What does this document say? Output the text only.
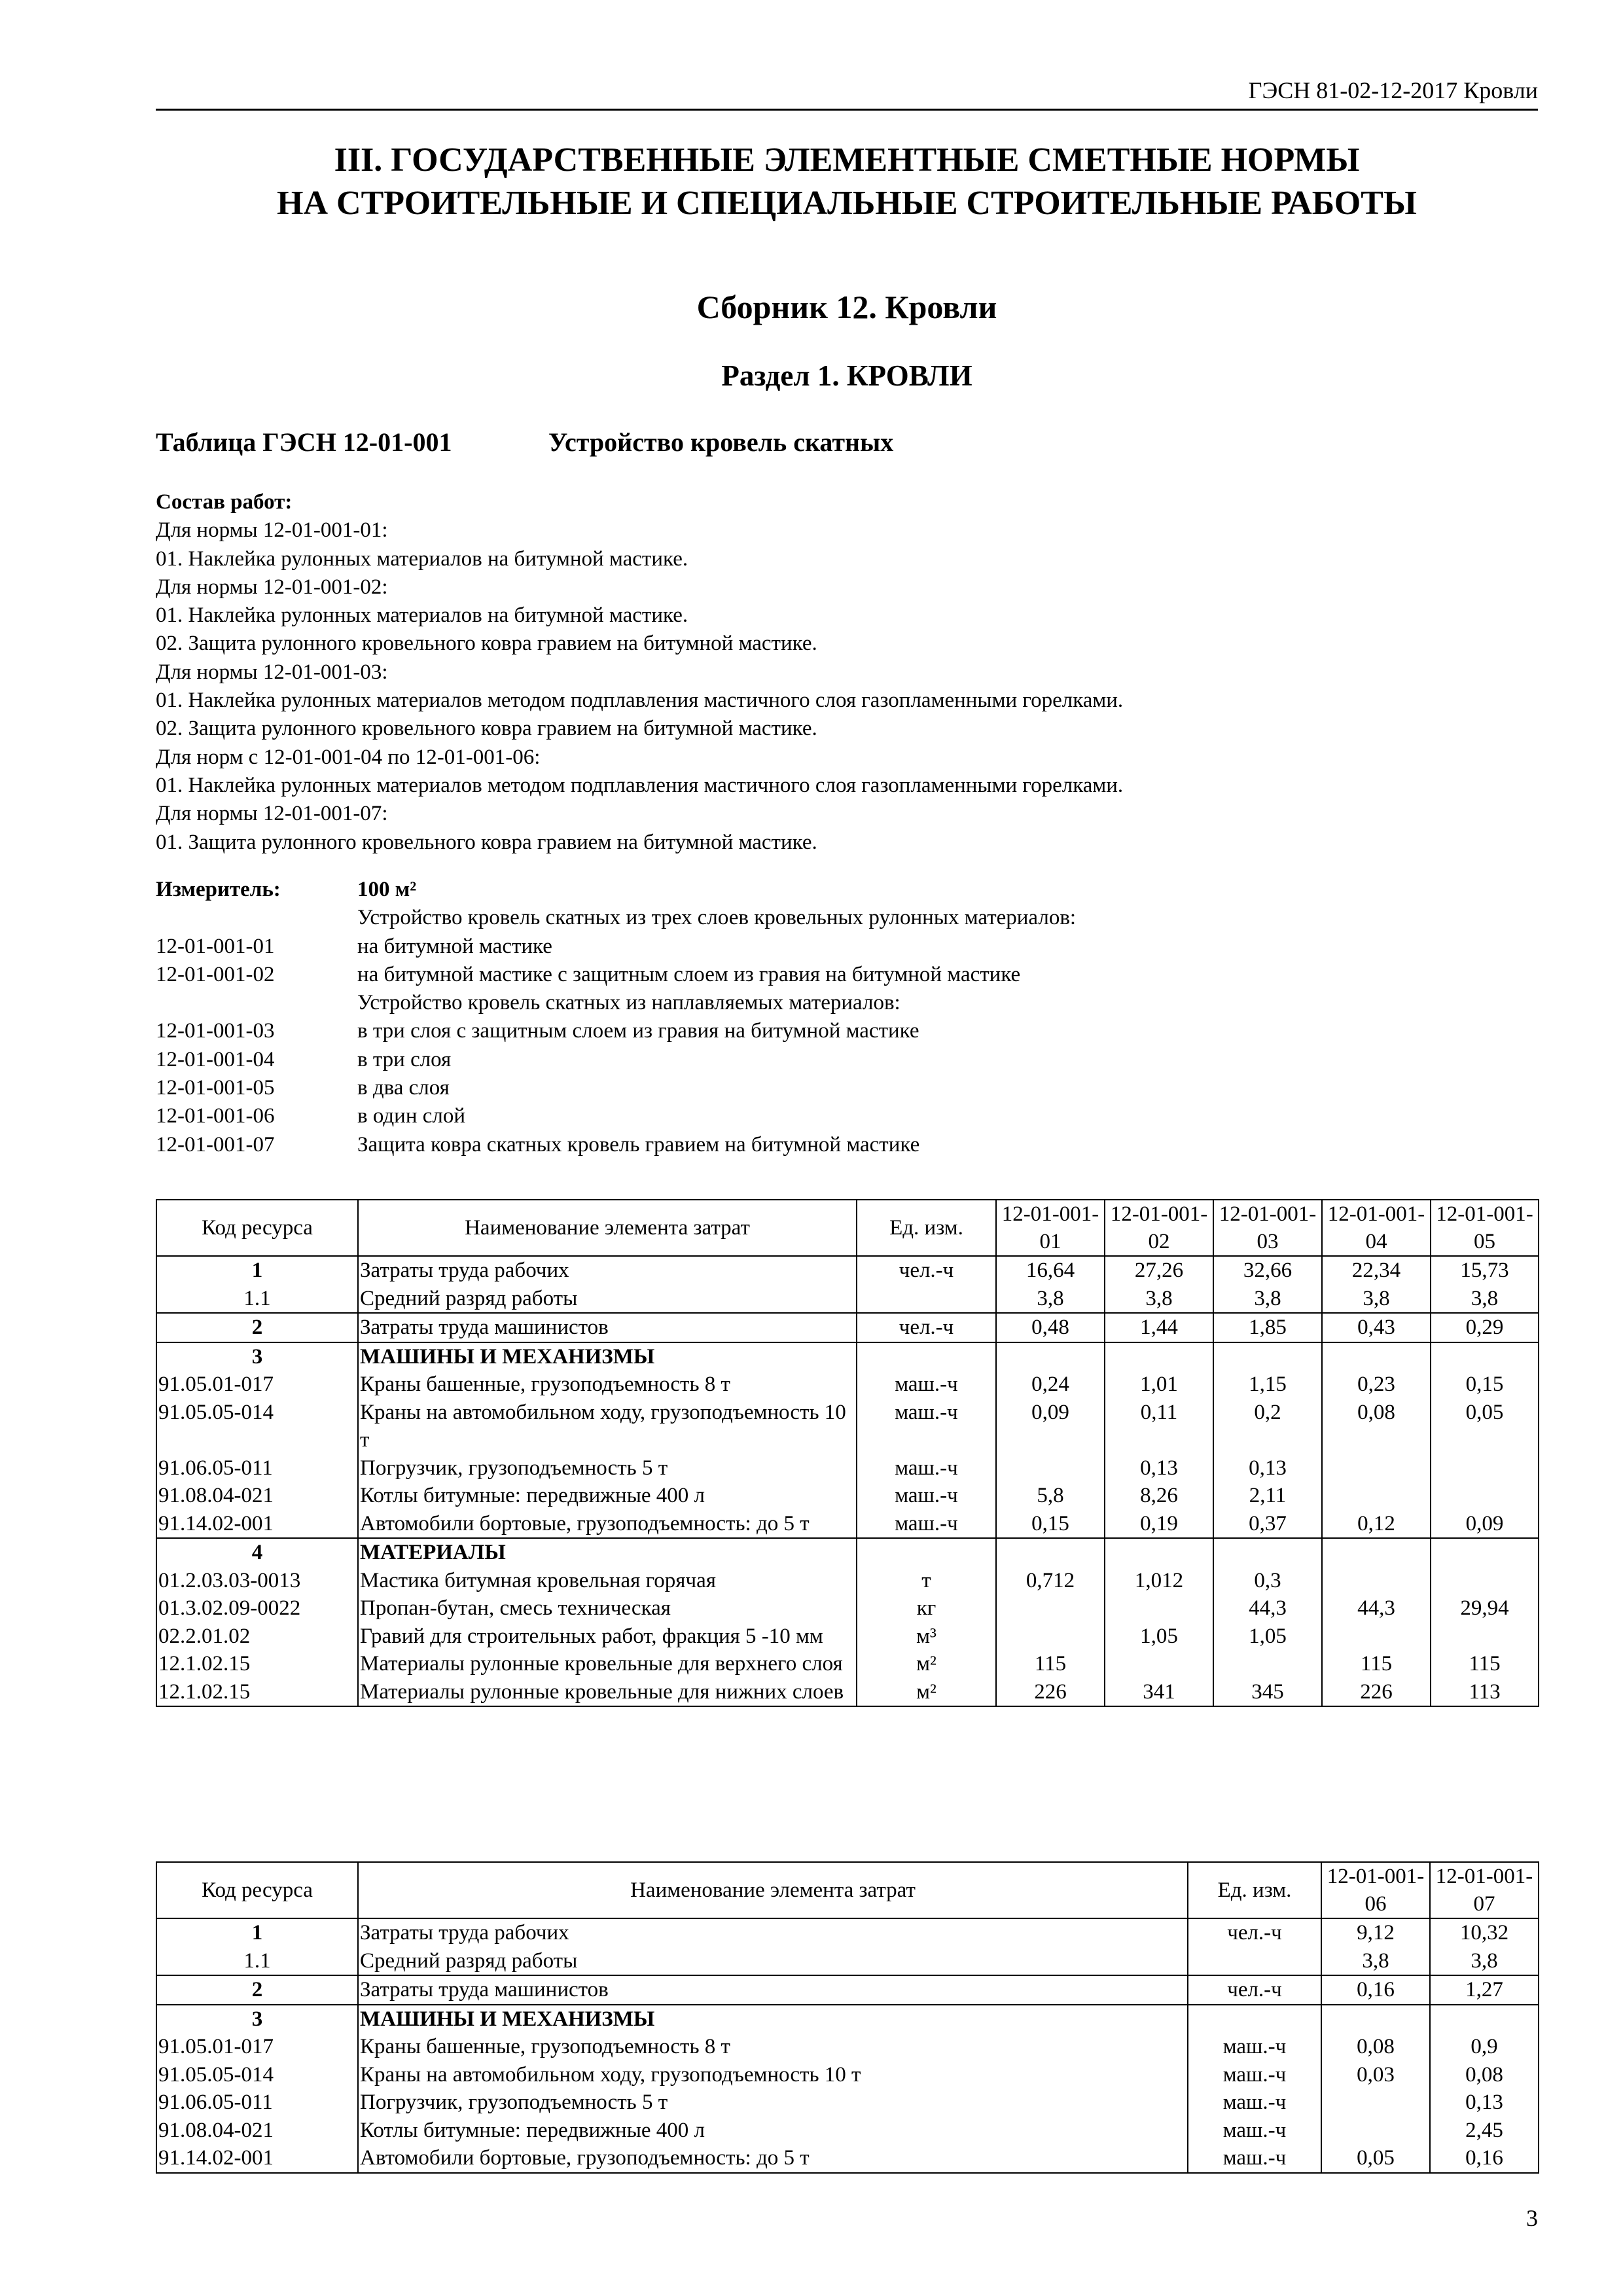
ГЭСН 81-02-12-2017 Кровли
III. ГОСУДАРСТВЕННЫЕ ЭЛЕМЕНТНЫЕ СМЕТНЫЕ НОРМЫ
НА СТРОИТЕЛЬНЫЕ И СПЕЦИАЛЬНЫЕ СТРОИТЕЛЬНЫЕ РАБОТЫ
Сборник 12. Кровли
Раздел 1. КРОВЛИ
Таблица ГЭСН 12-01-001	Устройство кровель скатных
Состав работ:
Для нормы 12-01-001-01:
01. Наклейка рулонных материалов на битумной мастике.
Для нормы 12-01-001-02:
01. Наклейка рулонных материалов на битумной мастике.
02. Защита рулонного кровельного ковра гравием на битумной мастике.
Для нормы 12-01-001-03:
01. Наклейка рулонных материалов методом подплавления мастичного слоя газопламенными горелками.
02. Защита рулонного кровельного ковра гравием на битумной мастике.
Для норм с 12-01-001-04 по 12-01-001-06:
01. Наклейка рулонных материалов методом подплавления мастичного слоя газопламенными горелками.
Для нормы 12-01-001-07:
01. Защита рулонного кровельного ковра гравием на битумной мастике.
Измеритель:	100 м²
Устройство кровель скатных из трех слоев кровельных рулонных материалов:
12-01-001-01	на битумной мастике
12-01-001-02	на битумной мастике с защитным слоем из гравия на битумной мастике
Устройство кровель скатных из наплавляемых материалов:
12-01-001-03	в три слоя с защитным слоем из гравия на битумной мастике
12-01-001-04	в три слоя
12-01-001-05	в два слоя
12-01-001-06	в один слой
12-01-001-07	Защита ковра скатных кровель гравием на битумной мастике
Код ресурса	Наименование элемента затрат	Ед. изм.	12-01-001-01	12-01-001-02	12-01-001-03	12-01-001-04	12-01-001-05
1	Затраты труда рабочих	чел.-ч	16,64	27,26	32,66	22,34	15,73
1.1	Средний разряд работы		3,8	3,8	3,8	3,8	3,8
2	Затраты труда машинистов	чел.-ч	0,48	1,44	1,85	0,43	0,29
3	МАШИНЫ И МЕХАНИЗМЫ						
91.05.01-017	Краны башенные, грузоподъемность 8 т	маш.-ч	0,24	1,01	1,15	0,23	0,15
91.05.05-014	Краны на автомобильном ходу, грузоподъемность 10 т	маш.-ч	0,09	0,11	0,2	0,08	0,05
91.06.05-011	Погрузчик, грузоподъемность 5 т	маш.-ч		0,13	0,13		
91.08.04-021	Котлы битумные: передвижные 400 л	маш.-ч	5,8	8,26	2,11		
91.14.02-001	Автомобили бортовые, грузоподъемность: до 5 т	маш.-ч	0,15	0,19	0,37	0,12	0,09
4	МАТЕРИАЛЫ						
01.2.03.03-0013	Мастика битумная кровельная горячая	т	0,712	1,012	0,3		
01.3.02.09-0022	Пропан-бутан, смесь техническая	кг			44,3	44,3	29,94
02.2.01.02	Гравий для строительных работ, фракция 5 -10 мм	м³		1,05	1,05		
12.1.02.15	Материалы рулонные кровельные для верхнего слоя	м²	115			115	115
12.1.02.15	Материалы рулонные кровельные для нижних слоев	м²	226	341	345	226	113
Код ресурса	Наименование элемента затрат	Ед. изм.	12-01-001-06	12-01-001-07
1	Затраты труда рабочих	чел.-ч	9,12	10,32
1.1	Средний разряд работы		3,8	3,8
2	Затраты труда машинистов	чел.-ч	0,16	1,27
3	МАШИНЫ И МЕХАНИЗМЫ			
91.05.01-017	Краны башенные, грузоподъемность 8 т	маш.-ч	0,08	0,9
91.05.05-014	Краны на автомобильном ходу, грузоподъемность 10 т	маш.-ч	0,03	0,08
91.06.05-011	Погрузчик, грузоподъемность 5 т	маш.-ч		0,13
91.08.04-021	Котлы битумные: передвижные 400 л	маш.-ч		2,45
91.14.02-001	Автомобили бортовые, грузоподъемность: до 5 т	маш.-ч	0,05	0,16
3
